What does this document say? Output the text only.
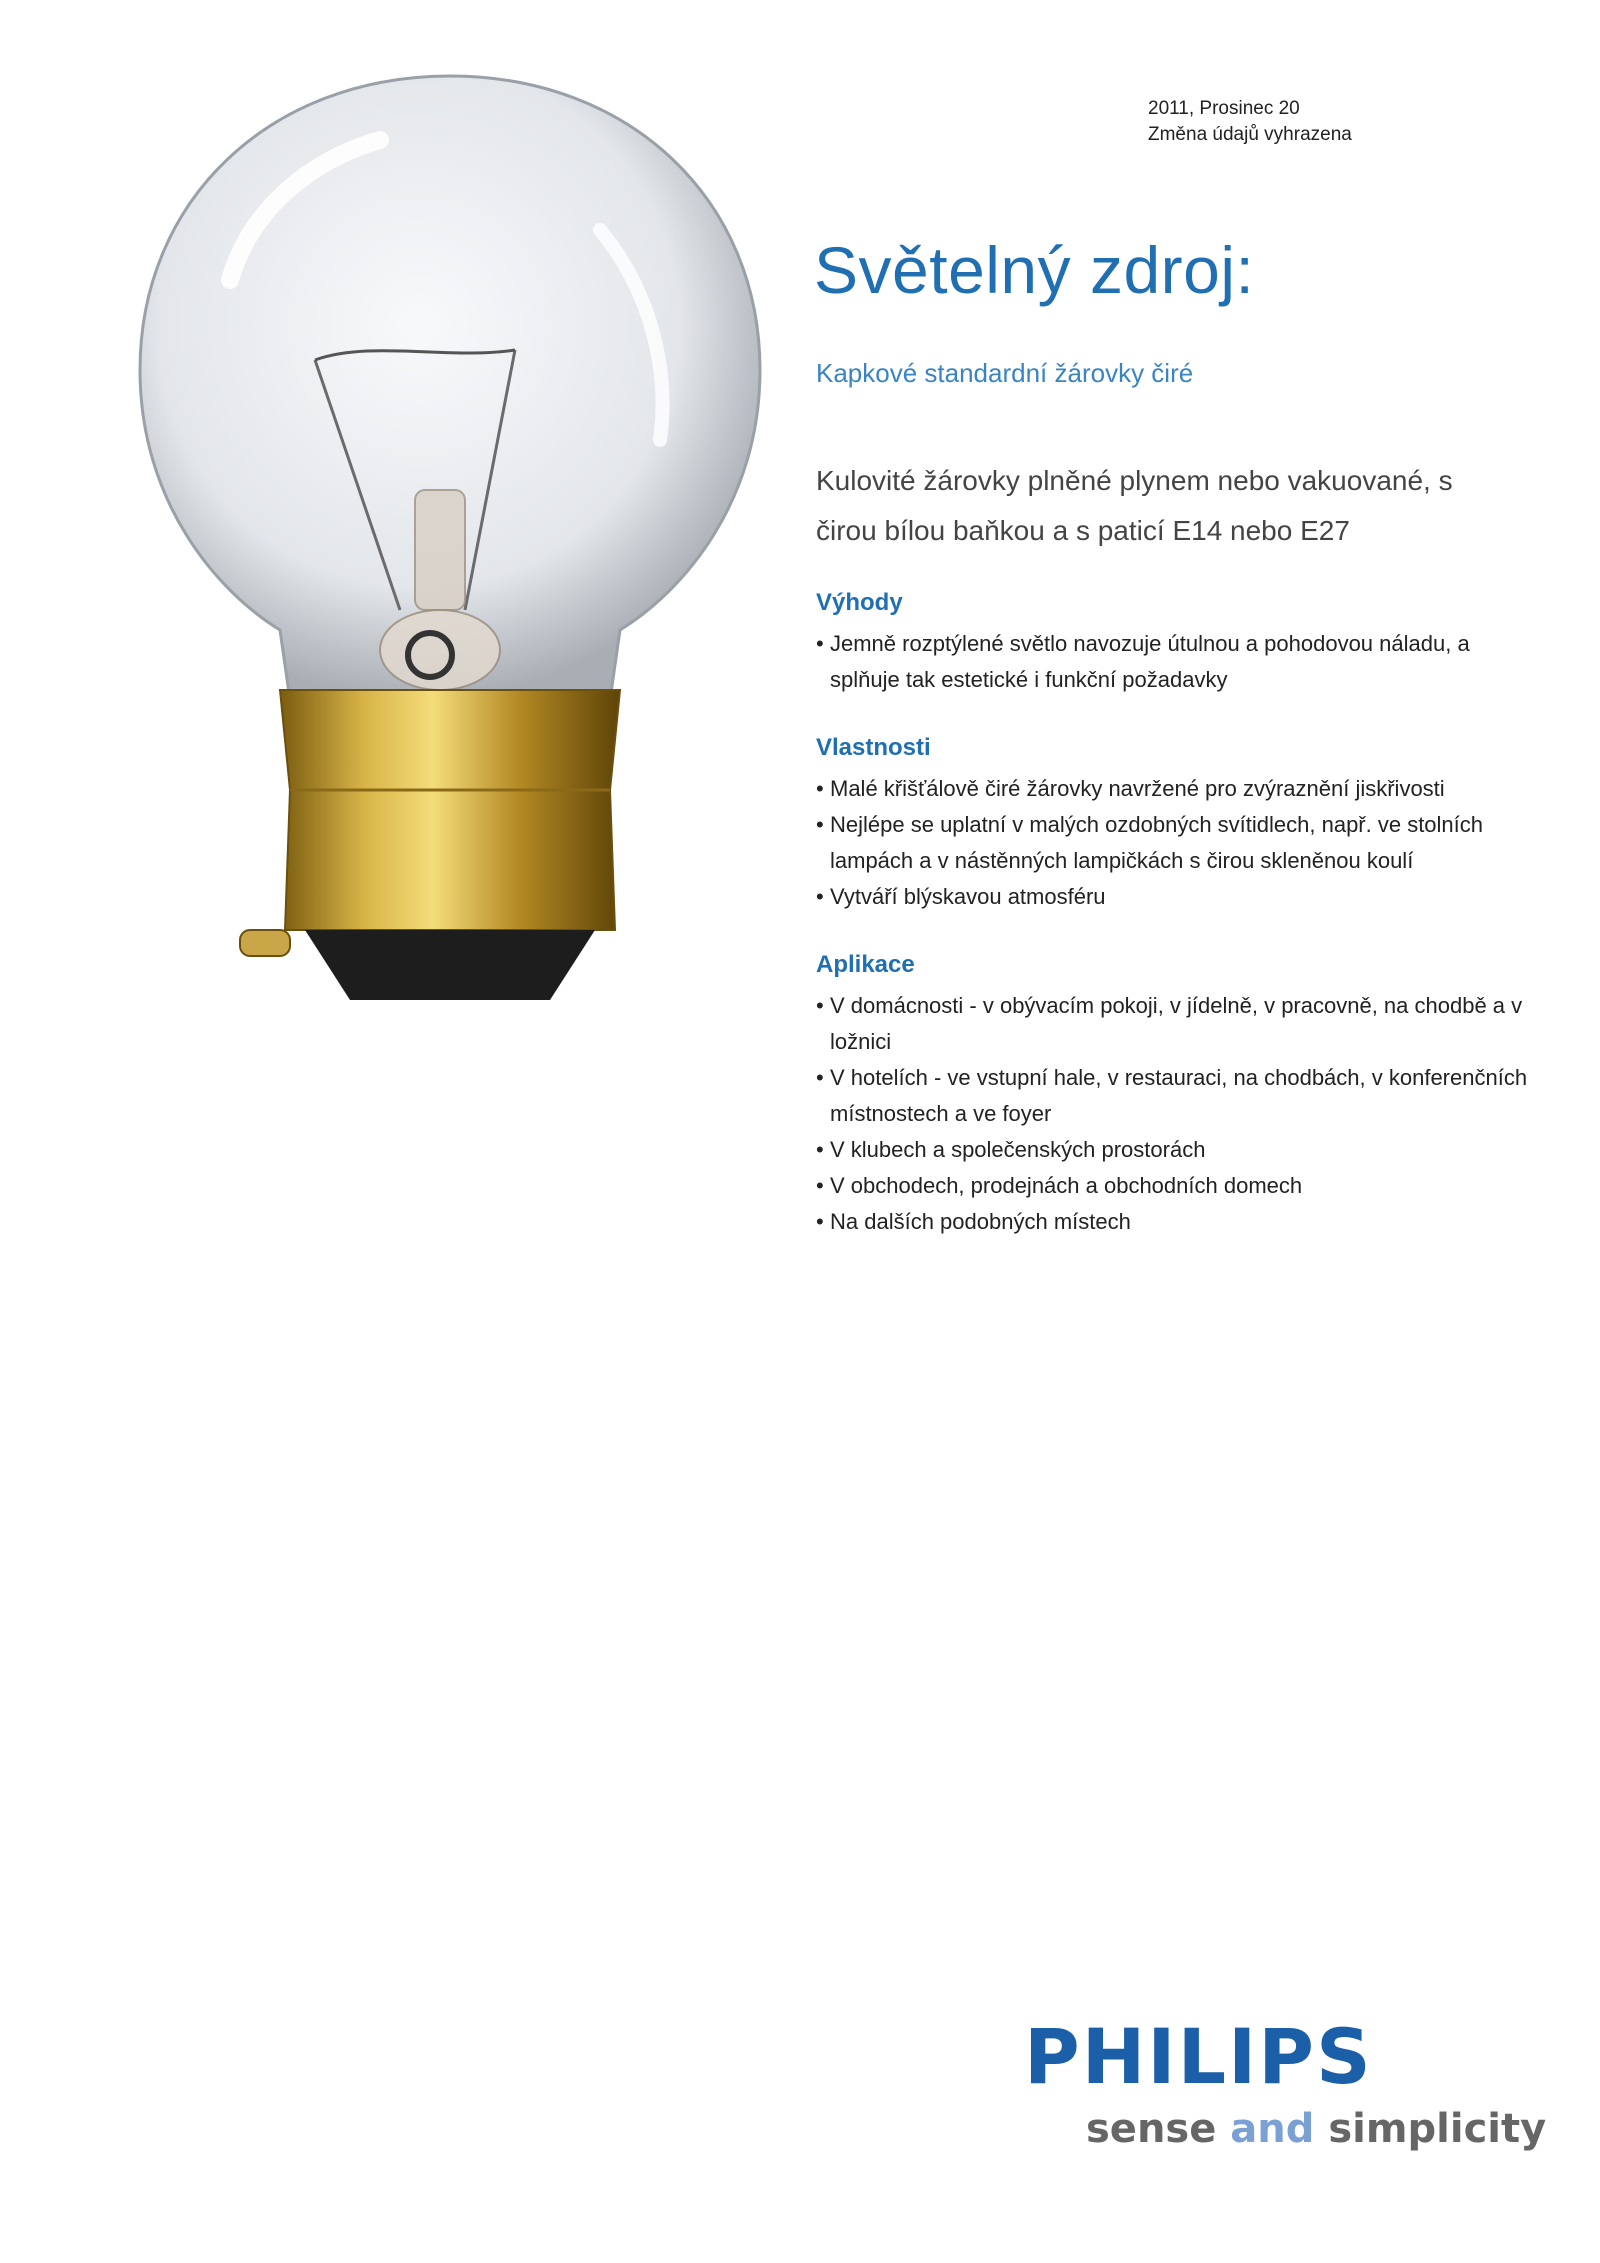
2011, Prosinec 20
Změna údajů vyhrazena
Světelný zdroj:
Kapkové standardní žárovky čiré
Kulovité žárovky plněné plynem nebo vakuované, s čirou bílou baňkou a s paticí E14 nebo E27
Výhody
• Jemně rozptýlené světlo navozuje útulnou a pohodovou náladu, a splňuje tak estetické i funkční požadavky
Vlastnosti
• Malé křišťálově čiré žárovky navržené pro zvýraznění jiskřivosti
• Nejlépe se uplatní v malých ozdobných svítidlech, např. ve stolních lampách a v nástěnných lampičkách s čirou skleněnou koulí
• Vytváří blýskavou atmosféru
Aplikace
• V domácnosti - v obývacím pokoji, v jídelně, v pracovně, na chodbě a v ložnici
• V hotelích - ve vstupní hale, v restauraci, na chodbách, v konferenčních místnostech a ve foyer
• V klubech a společenských prostorách
• V obchodech, prodejnách a obchodních domech
• Na dalších podobných místech
PHILIPS
sense and simplicity
